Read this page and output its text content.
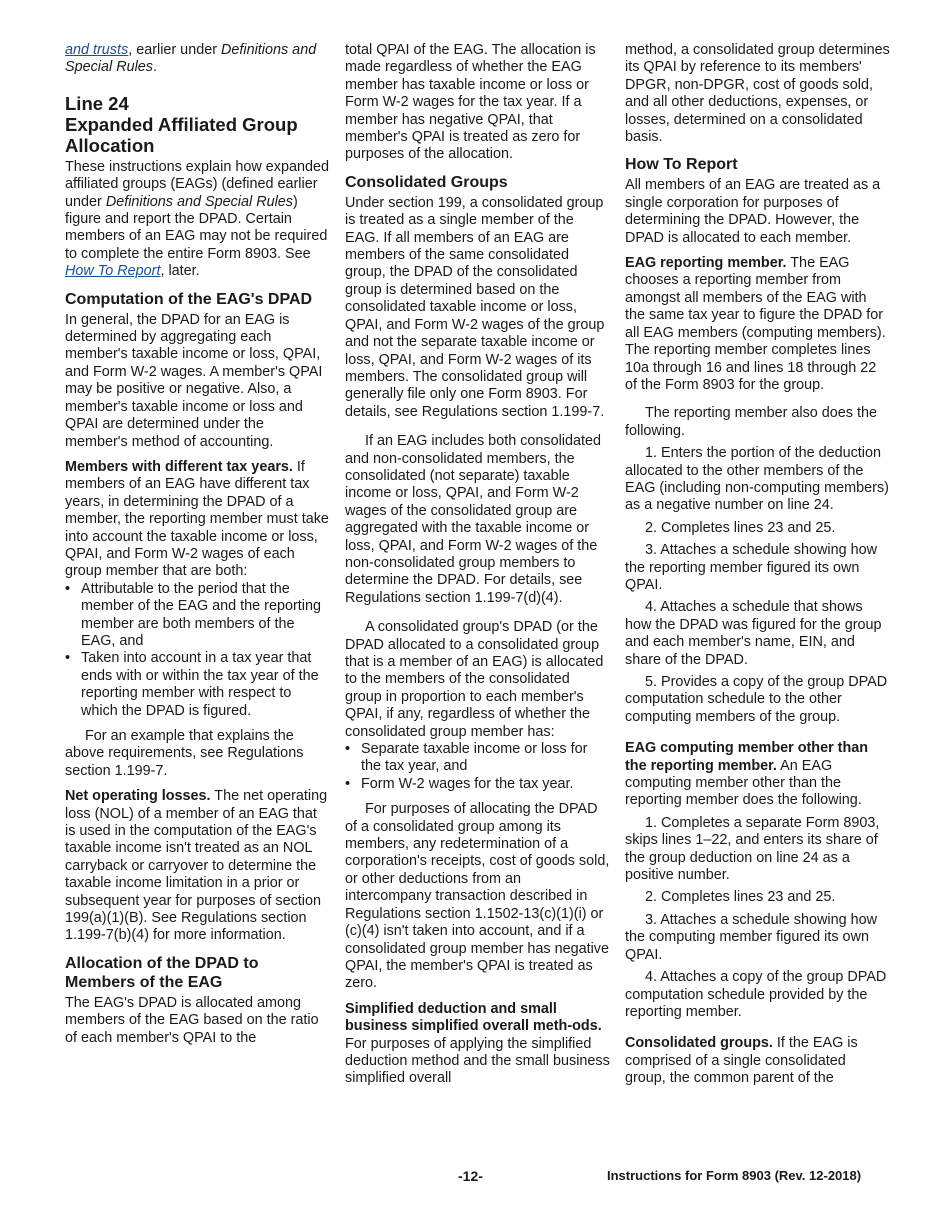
and trusts, earlier under Definitions and Special Rules.

Line 24
Expanded Affiliated Group Allocation

These instructions explain how expanded affiliated groups (EAGs) (defined earlier under Definitions and Special Rules) figure and report the DPAD. Certain members of an EAG may not be required to complete the entire Form 8903. See How To Report, later.

Computation of the EAG's DPAD

In general, the DPAD for an EAG is determined by aggregating each member's taxable income or loss, QPAI, and Form W-2 wages. A member's QPAI may be positive or negative. Also, a member's taxable income or loss and QPAI are determined under the member's method of accounting.

Members with different tax years. If members of an EAG have different tax years, in determining the DPAD of a member, the reporting member must take into account the taxable income or loss, QPAI, and Form W-2 wages of each group member that are both:

• Attributable to the period that the member of the EAG and the reporting member are both members of the EAG, and

• Taken into account in a tax year that ends with or within the tax year of the reporting member with respect to which the DPAD is figured.

For an example that explains the above requirements, see Regulations section 1.199-7.

Net operating losses. The net operating loss (NOL) of a member of an EAG that is used in the computation of the EAG's taxable income isn't treated as an NOL carryback or carryover to determine the taxable income limitation in a prior or subsequent year for purposes of section 199(a)(1)(B). See Regulations section 1.199-7(b)(4) for more information.

Allocation of the DPAD to Members of the EAG

The EAG's DPAD is allocated among members of the EAG based on the ratio of each member's QPAI to the

total QPAI of the EAG. The allocation is made regardless of whether the EAG member has taxable income or loss or Form W-2 wages for the tax year. If a member has negative QPAI, that member's QPAI is treated as zero for purposes of the allocation.

Consolidated Groups

Under section 199, a consolidated group is treated as a single member of the EAG. If all members of an EAG are members of the same consolidated group, the DPAD of the consolidated group is determined based on the consolidated taxable income or loss, QPAI, and Form W-2 wages of the group and not the separate taxable income or loss, QPAI, and Form W-2 wages of its members. The consolidated group will generally file only one Form 8903. For details, see Regulations section 1.199-7.

If an EAG includes both consolidated and non-consolidated members, the consolidated (not separate) taxable income or loss, QPAI, and Form W-2 wages of the consolidated group are aggregated with the taxable income or loss, QPAI, and Form W-2 wages of the non-consolidated group members to determine the DPAD. For details, see Regulations section 1.199-7(d)(4).

A consolidated group's DPAD (or the DPAD allocated to a consolidated group that is a member of an EAG) is allocated to the members of the consolidated group in proportion to each member's QPAI, if any, regardless of whether the consolidated group member has:

• Separate taxable income or loss for the tax year, and

• Form W-2 wages for the tax year.

For purposes of allocating the DPAD of a consolidated group among its members, any redetermination of a corporation's receipts, cost of goods sold, or other deductions from an intercompany transaction described in Regulations section 1.1502-13(c)(1)(i) or (c)(4) isn't taken into account, and if a consolidated group member has negative QPAI, the member's QPAI is treated as zero.

Simplified deduction and small business simplified overall meth-ods. For purposes of applying the simplified deduction method and the small business simplified overall

method, a consolidated group determines its QPAI by reference to its members' DPGR, non-DPGR, cost of goods sold, and all other deductions, expenses, or losses, determined on a consolidated basis.

How To Report

All members of an EAG are treated as a single corporation for purposes of determining the DPAD. However, the DPAD is allocated to each member.

EAG reporting member. The EAG chooses a reporting member from amongst all members of the EAG with the same tax year to figure the DPAD for all EAG members (computing members). The reporting member completes lines 10a through 16 and lines 18 through 22 of the Form 8903 for the group.

The reporting member also does the following.

1. Enters the portion of the deduction allocated to the other members of the EAG (including non-computing members) as a negative number on line 24.

2. Completes lines 23 and 25.

3. Attaches a schedule showing how the reporting member figured its own QPAI.

4. Attaches a schedule that shows how the DPAD was figured for the group and each member's name, EIN, and share of the DPAD.

5. Provides a copy of the group DPAD computation schedule to the other computing members of the group.

EAG computing member other than the reporting member. An EAG computing member other than the reporting member does the following.

1. Completes a separate Form 8903, skips lines 1–22, and enters its share of the group deduction on line 24 as a positive number.

2. Completes lines 23 and 25.

3. Attaches a schedule showing how the computing member figured its own QPAI.

4. Attaches a copy of the group DPAD computation schedule provided by the reporting member.

Consolidated groups. If the EAG is comprised of a single consolidated group, the common parent of the

-12-	Instructions for Form 8903 (Rev. 12-2018)
